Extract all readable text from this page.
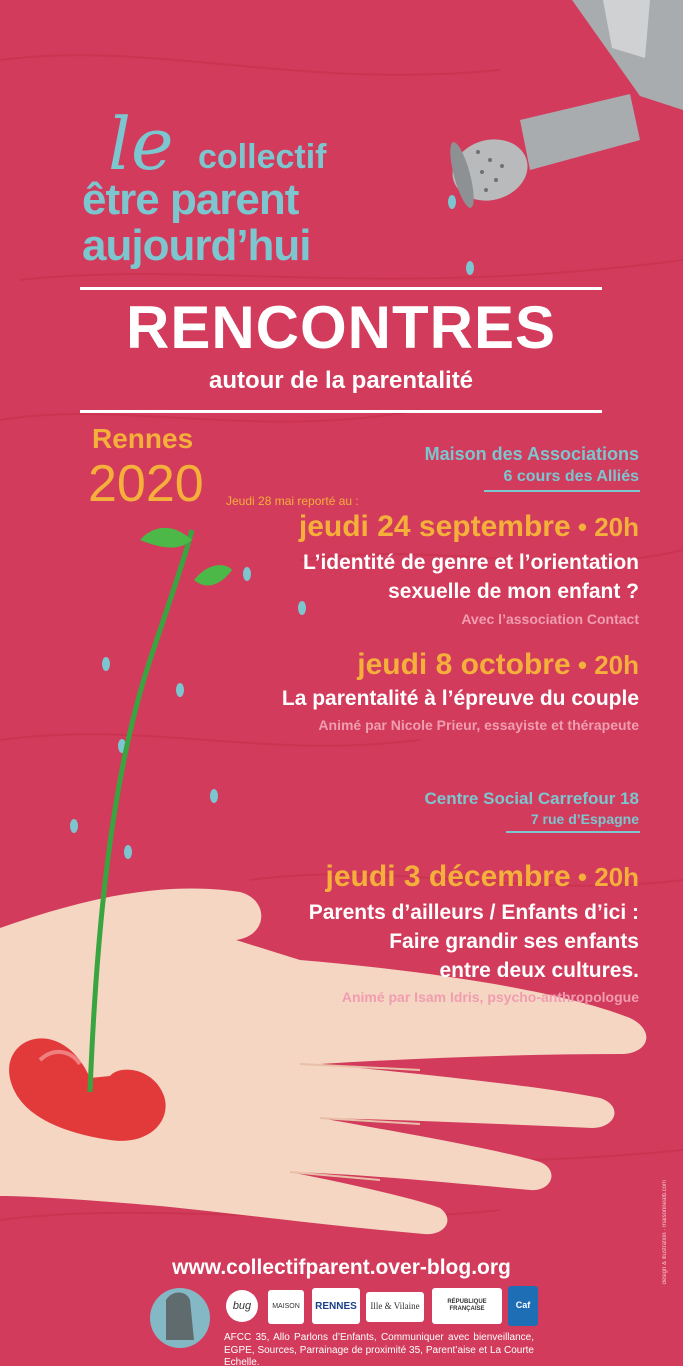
le collectif
être parent
aujourd’hui
RENCONTRES
autour de la parentalité
Rennes
2020
Maison des Associations
6 cours des Alliés
Jeudi 28 mai reporté au :
jeudi 24 septembre • 20h
L’identité de genre et l’orientation
sexuelle de mon enfant ?
Avec l’association Contact
jeudi 8 octobre • 20h
La parentalité à l’épreuve du couple
Animé par Nicole Prieur, essayiste et thérapeute
Centre Social Carrefour 18
7 rue d’Espagne
jeudi 3 décembre • 20h
Parents d’ailleurs / Enfants d’ici :
Faire grandir ses enfants
entre deux cultures.
Animé par Isam Idris, psycho-anthropologue
www.collectifparent.over-blog.org
bug	MAISON	RENNES	Ille & Vilaine	RÉPUBLIQUE FRANÇAISE	Caf
AFCC 35, Allo Parlons d’Enfants, Communiquer avec bienveillance, EGPE, Sources, Parrainage de proximité 35, Parent’aise et La Courte Echelle.
design & illustration · maisonnealb.com
